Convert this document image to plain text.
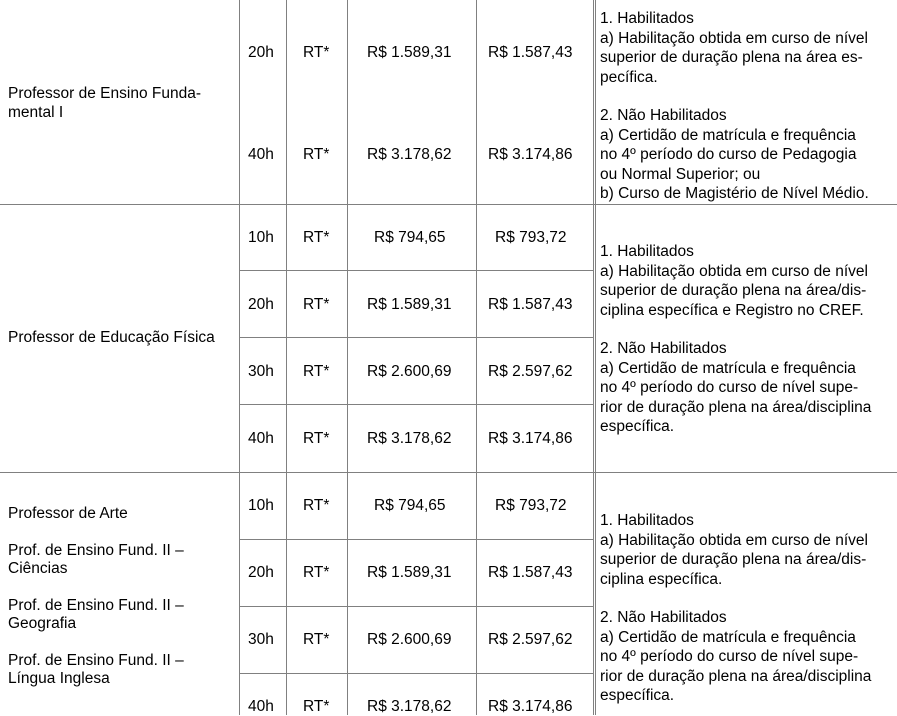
Professor de Ensino Funda-
mental I
20h RT* R$ 1.589,31 R$ 1.587,43
40h RT* R$ 3.178,62 R$ 3.174,86

1. Habilitados

a) Habilitação obtida em curso de nível

superior de duração plena na área es-

pecífica.

2. Não Habilitados

a) Certidão de matrícula e frequência

no 4º período do curso de Pedagogia

ou Normal Superior; ou

b) Curso de Magistério de Nível Médio.

Professor de Educação Física
10h RT*	R$ 794,65	R$ 793,72
20h RT* R$ 1.589,31 R$ 1.587,43
30h RT* R$ 2.600,69 R$ 2.597,62
40h RT* R$ 3.178,62 R$ 3.174,86

1. Habilitados

a) Habilitação obtida em curso de nível

superior de duração plena na área/dis-

ciplina específica e Registro no CREF.

2. Não Habilitados

a) Certidão de matrícula e frequência

no 4º período do curso de nível supe-

rior de duração plena na área/disciplina

específica.

Professor de Arte
Prof. de Ensino Fund. II –
Ciências
Prof. de Ensino Fund. II –
Geografia
Prof. de Ensino Fund. II –
Língua Inglesa
10h RT*	R$ 794,65	R$ 793,72
20h RT* R$ 1.589,31 R$ 1.587,43
30h RT* R$ 2.600,69 R$ 2.597,62
40h RT* R$ 3.178,62 R$ 3.174,86

1. Habilitados

a) Habilitação obtida em curso de nível

superior de duração plena na área/dis-

ciplina específica.

2. Não Habilitados

a) Certidão de matrícula e frequência

no 4º período do curso de nível supe-

rior de duração plena na área/disciplina

específica.
